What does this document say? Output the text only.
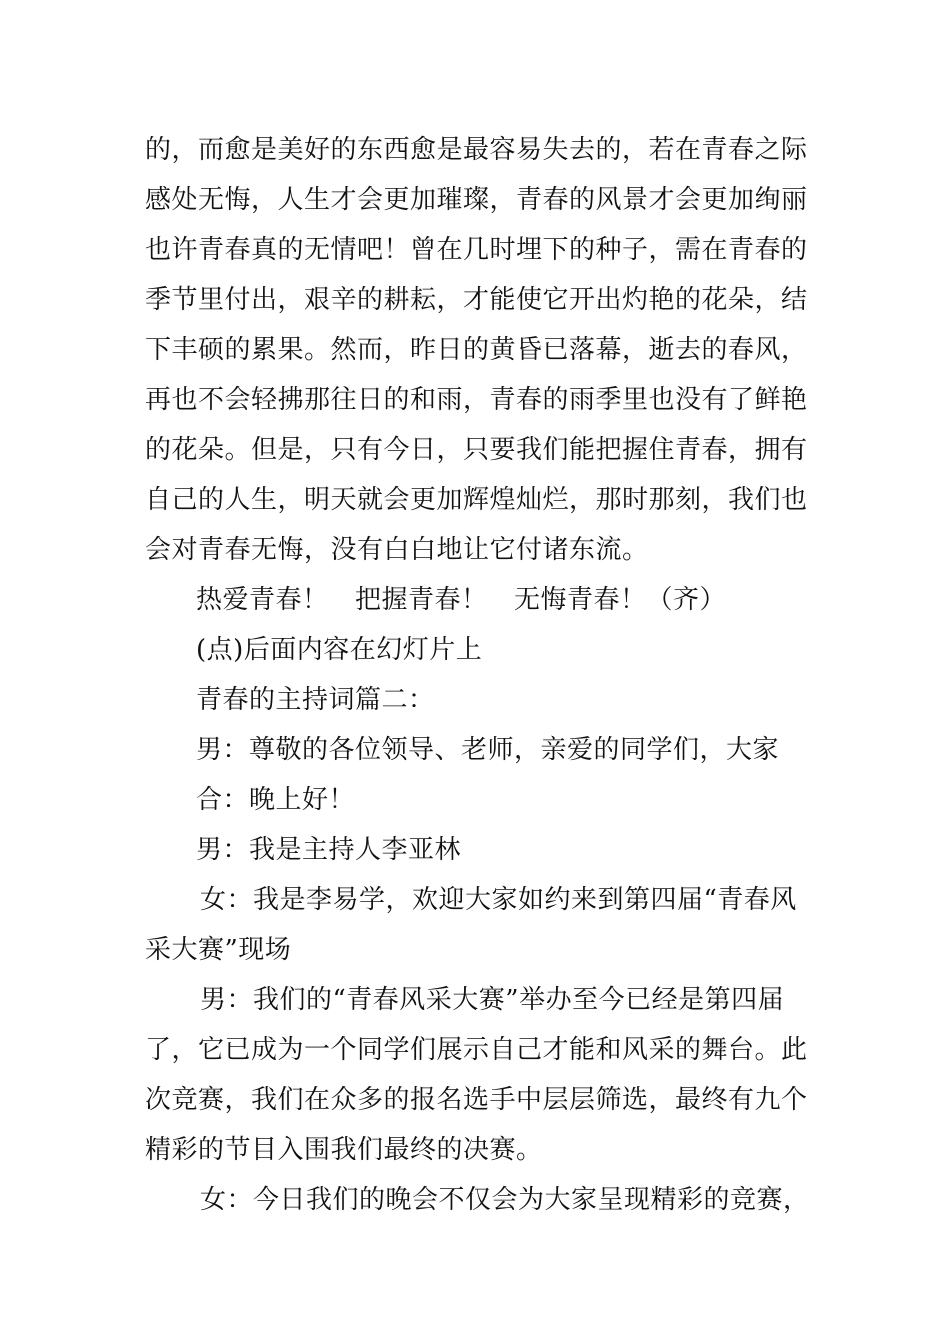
的，而愈是美好的东西愈是最容易失去的，若在青春之际
感处无悔，人生才会更加璀璨，青春的风景才会更加绚丽
也许青春真的无情吧！曾在几时埋下的种子，需在青春的
季节里付出，艰辛的耕耘，才能使它开出灼艳的花朵，结
下丰硕的累果。然而，昨日的黄昏已落幕，逝去的春风，
再也不会轻拂那往日的和雨，青春的雨季里也没有了鲜艳
的花朵。但是，只有今日，只要我们能把握住青春，拥有
自己的人生，明天就会更加辉煌灿烂，那时那刻，我们也
会对青春无悔，没有白白地让它付诸东流。
热爱青春！　把握青春！　无悔青春！（齐）
(点)后面内容在幻灯片上
青春的主持词篇二：
男：尊敬的各位领导、老师，亲爱的同学们，大家
合：晚上好！
男：我是主持人李亚林
女：我是李易学，欢迎大家如约来到第四届“青春风
采大赛”现场
男：我们的“青春风采大赛”举办至今已经是第四届
了，它已成为一个同学们展示自己才能和风采的舞台。此
次竞赛，我们在众多的报名选手中层层筛选，最终有九个
精彩的节目入围我们最终的决赛。
女：今日我们的晚会不仅会为大家呈现精彩的竞赛，
